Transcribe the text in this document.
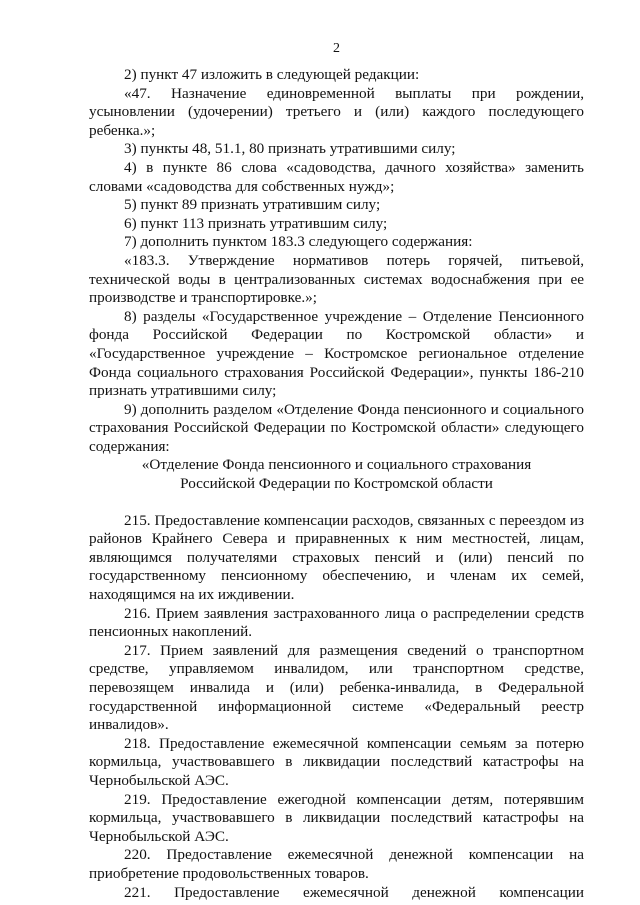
2

2) пункт 47 изложить в следующей редакции:

«47. Назначение единовременной выплаты при рождении, усыновлении (удочерении) третьего и (или) каждого последующего ребенка.»;

3) пункты 48, 51.1, 80 признать утратившими силу;

4) в пункте 86 слова «садоводства, дачного хозяйства» заменить словами «садоводства для собственных нужд»;

5) пункт 89 признать утратившим силу;

6) пункт 113 признать утратившим силу;

7) дополнить пунктом 183.3 следующего содержания:

«183.3. Утверждение нормативов потерь горячей, питьевой, технической воды в централизованных системах водоснабжения при ее производстве и транспортировке.»;

8) разделы «Государственное учреждение – Отделение Пенсионного фонда Российской Федерации по Костромской области» и «Государственное учреждение – Костромское региональное отделение Фонда социального страхования Российской Федерации», пункты 186-210 признать утратившими силу;

9) дополнить разделом «Отделение Фонда пенсионного и социального страхования Российской Федерации по Костромской области» следующего содержания:

«Отделение Фонда пенсионного и социального страхования

Российской Федерации по Костромской области

215. Предоставление компенсации расходов, связанных с переездом из районов Крайнего Севера и приравненных к ним местностей, лицам, являющимся получателями страховых пенсий и (или) пенсий по государственному пенсионному обеспечению, и членам их семей, находящимся на их иждивении.

216. Прием заявления застрахованного лица о распределении средств пенсионных накоплений.

217. Прием заявлений для размещения сведений о транспортном средстве, управляемом инвалидом, или транспортном средстве, перевозящем инвалида и (или) ребенка-инвалида, в Федеральной государственной информационной системе «Федеральный реестр инвалидов».

218. Предоставление ежемесячной компенсации семьям за потерю кормильца, участвовавшего в ликвидации последствий катастрофы на Чернобыльской АЭС.

219. Предоставление ежегодной компенсации детям, потерявшим кормильца, участвовавшего в ликвидации последствий катастрофы на Чернобыльской АЭС.

220. Предоставление ежемесячной денежной компенсации на приобретение продовольственных товаров.

221. Предоставление ежемесячной денежной компенсации
